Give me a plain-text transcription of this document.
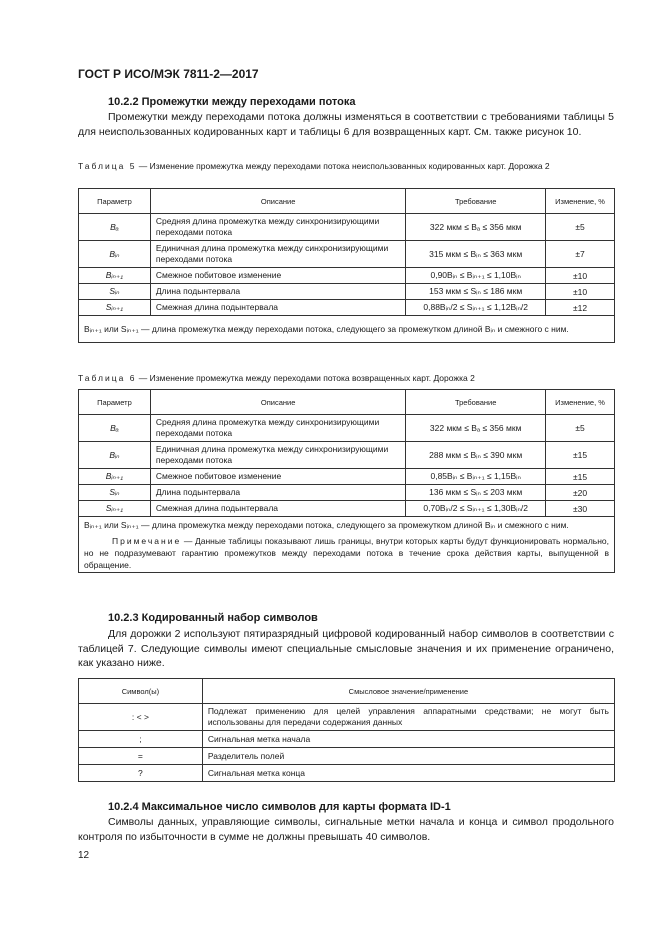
ГОСТ Р ИСО/МЭК 7811-2—2017
10.2.2 Промежутки между переходами потока
Промежутки между переходами потока должны изменяться в соответствии с требованиями таблицы 5 для неиспользованных кодированных карт и таблицы 6 для возвращенных карт. См. также рисунок 10.
Таблица 5 — Изменение промежутка между переходами потока неиспользованных кодированных карт. Дорожка 2
Параметр	Описание	Требование	Изменение, %
Bₐ	Средняя длина промежутка между синхронизирующими переходами потока	322 мкм ≤ Bₐ ≤ 356 мкм	±5
Bᵢₙ	Единичная длина промежутка между синхронизирующими переходами потока	315 мкм ≤ Bᵢₙ ≤ 363 мкм	±7
Bᵢₙ₊₁	Смежное побитовое изменение	0,90Bᵢₙ ≤ Bᵢₙ₊₁ ≤ 1,10Bᵢₙ	±10
Sᵢₙ	Длина подынтервала	153 мкм ≤ Sᵢₙ ≤ 186 мкм	±10
Sᵢₙ₊₁	Смежная длина подынтервала	0,88Bᵢₙ/2 ≤ Sᵢₙ₊₁ ≤ 1,12Bᵢₙ/2	±12
Bᵢₙ₊₁ или Sᵢₙ₊₁ — длина промежутка между переходами потока, следующего за промежутком длиной Bᵢₙ и смежного с ним.			
Таблица 6 — Изменение промежутка между переходами потока возвращенных карт. Дорожка 2
Параметр	Описание	Требование	Изменение, %
Bₐ	Средняя длина промежутка между синхронизирующими переходами потока	322 мкм ≤ Bₐ ≤ 356 мкм	±5
Bᵢₙ	Единичная длина промежутка между синхронизирующими переходами потока	288 мкм ≤ Bᵢₙ ≤ 390 мкм	±15
Bᵢₙ₊₁	Смежное побитовое изменение	0,85Bᵢₙ ≤ Bᵢₙ₊₁ ≤ 1,15Bᵢₙ	±15
Sᵢₙ	Длина подынтервала	136 мкм ≤ Sᵢₙ ≤ 203 мкм	±20
Sᵢₙ₊₁	Смежная длина подынтервала	0,70Bᵢₙ/2 ≤ Sᵢₙ₊₁ ≤ 1,30Bᵢₙ/2	±30

Bᵢₙ₊₁ или Sᵢₙ₊₁ — длина промежутка между переходами потока, следующего за промежутком длиной Bᵢₙ и смежного с ним.
Примечание — Данные таблицы показывают лишь границы, внутри которых карты будут функционировать нормально, но не подразумевают гарантию промежутков между переходами потока в течение срока действия карты, выпущенной в обращение.			
10.2.3 Кодированный набор символов
Для дорожки 2 используют пятиразрядный цифровой кодированный набор символов в соответствии с таблицей 7. Следующие символы имеют специальные смысловые значения и их применение ограничено, как указано ниже.
Символ(ы)	Смысловое значение/применение
: < >	Подлежат применению для целей управления аппаратными средствами; не могут быть использованы для передачи содержания данных
;	Сигнальная метка начала
=	Разделитель полей
?	Сигнальная метка конца
10.2.4 Максимальное число символов для карты формата ID-1
Символы данных, управляющие символы, сигнальные метки начала и конца и символ продольного контроля по избыточности в сумме не должны превышать 40 символов.
12
